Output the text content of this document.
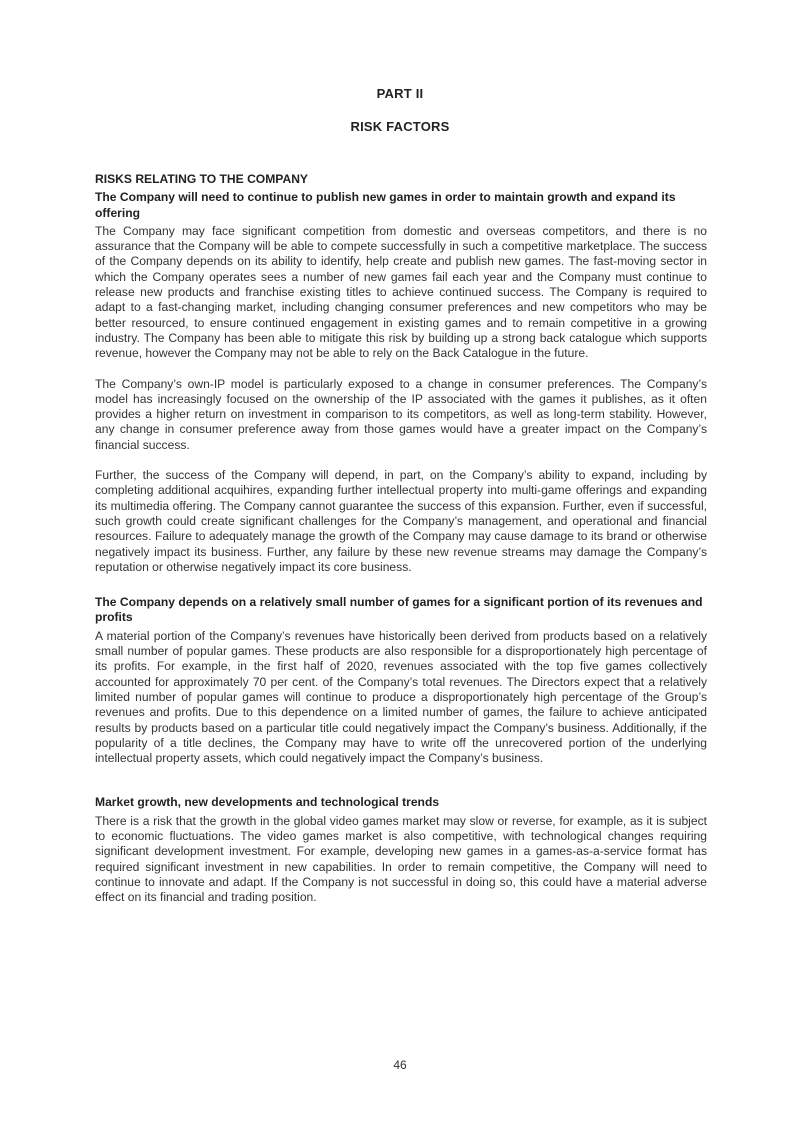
PART II
RISK FACTORS
RISKS RELATING TO THE COMPANY
The Company will need to continue to publish new games in order to maintain growth and expand its offering

The Company may face significant competition from domestic and overseas competitors, and there is no assurance that the Company will be able to compete successfully in such a competitive marketplace. The success of the Company depends on its ability to identify, help create and publish new games. The fast-moving sector in which the Company operates sees a number of new games fail each year and the Company must continue to release new products and franchise existing titles to achieve continued success. The Company is required to adapt to a fast-changing market, including changing consumer preferences and new competitors who may be better resourced, to ensure continued engagement in existing games and to remain competitive in a growing industry. The Company has been able to mitigate this risk by building up a strong back catalogue which supports revenue, however the Company may not be able to rely on the Back Catalogue in the future.

The Company’s own-IP model is particularly exposed to a change in consumer preferences. The Company’s model has increasingly focused on the ownership of the IP associated with the games it publishes, as it often provides a higher return on investment in comparison to its competitors, as well as long-term stability. However, any change in consumer preference away from those games would have a greater impact on the Company’s financial success.

Further, the success of the Company will depend, in part, on the Company’s ability to expand, including by completing additional acquihires, expanding further intellectual property into multi-game offerings and expanding its multimedia offering. The Company cannot guarantee the success of this expansion. Further, even if successful, such growth could create significant challenges for the Company’s management, and operational and financial resources. Failure to adequately manage the growth of the Company may cause damage to its brand or otherwise negatively impact its business. Further, any failure by these new revenue streams may damage the Company’s reputation or otherwise negatively impact its core business.

The Company depends on a relatively small number of games for a significant portion of its revenues and profits

A material portion of the Company’s revenues have historically been derived from products based on a relatively small number of popular games. These products are also responsible for a disproportionately high percentage of its profits. For example, in the first half of 2020, revenues associated with the top five games collectively accounted for approximately 70 per cent. of the Company’s total revenues. The Directors expect that a relatively limited number of popular games will continue to produce a disproportionately high percentage of the Group’s revenues and profits. Due to this dependence on a limited number of games, the failure to achieve anticipated results by products based on a particular title could negatively impact the Company’s business. Additionally, if the popularity of a title declines, the Company may have to write off the unrecovered portion of the underlying intellectual property assets, which could negatively impact the Company’s business.

Market growth, new developments and technological trends

There is a risk that the growth in the global video games market may slow or reverse, for example, as it is subject to economic fluctuations. The video games market is also competitive, with technological changes requiring significant development investment. For example, developing new games in a games-as-a-service format has required significant investment in new capabilities. In order to remain competitive, the Company will need to continue to innovate and adapt. If the Company is not successful in doing so, this could have a material adverse effect on its financial and trading position.

46
